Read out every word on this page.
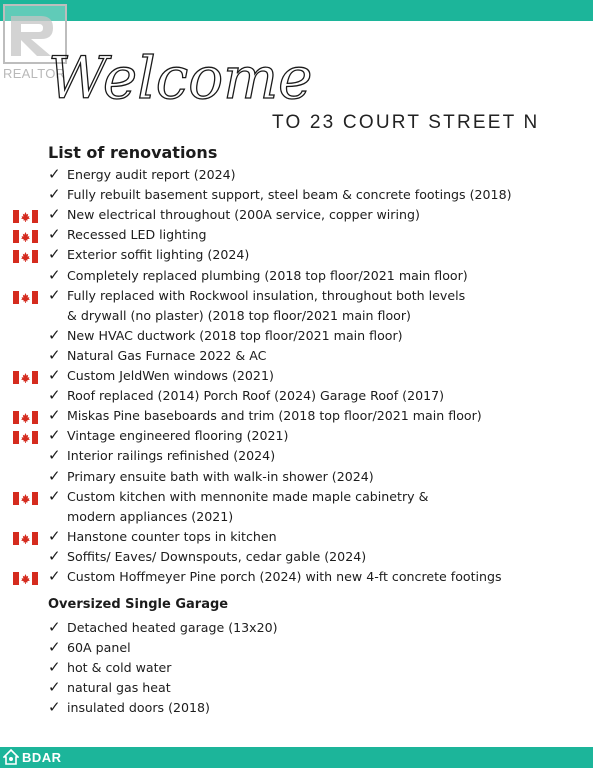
REALTOR
Welcome
TO 23 COURT STREET N
List of renovations
✓ Energy audit report (2024)
✓ Fully rebuilt basement support, steel beam & concrete footings (2018)
✓ New electrical throughout (200A service, copper wiring)
✓ Recessed LED lighting
✓ Exterior soffit lighting (2024)
✓ Completely replaced plumbing (2018 top floor/2021 main floor)
✓ Fully replaced with Rockwool insulation, throughout both levels
& drywall (no plaster) (2018 top floor/2021 main floor)
✓ New HVAC ductwork (2018 top floor/2021 main floor)
✓ Natural Gas Furnace 2022 & AC
✓ Custom JeldWen windows (2021)
✓ Roof replaced (2014) Porch Roof (2024) Garage Roof (2017)
✓ Miskas Pine baseboards and trim (2018 top floor/2021 main floor)
✓ Vintage engineered flooring (2021)
✓ Interior railings refinished (2024)
✓ Primary ensuite bath with walk-in shower (2024)
✓ Custom kitchen with mennonite made maple cabinetry &
modern appliances (2021)
✓ Hanstone counter tops in kitchen
✓ Soffits/ Eaves/ Downspouts, cedar gable (2024)
✓ Custom Hoffmeyer Pine porch (2024) with new 4-ft concrete footings
Oversized Single Garage
✓ Detached heated garage (13x20)
✓ 60A panel
✓ hot & cold water
✓ natural gas heat
✓ insulated doors (2018)
BDAR
